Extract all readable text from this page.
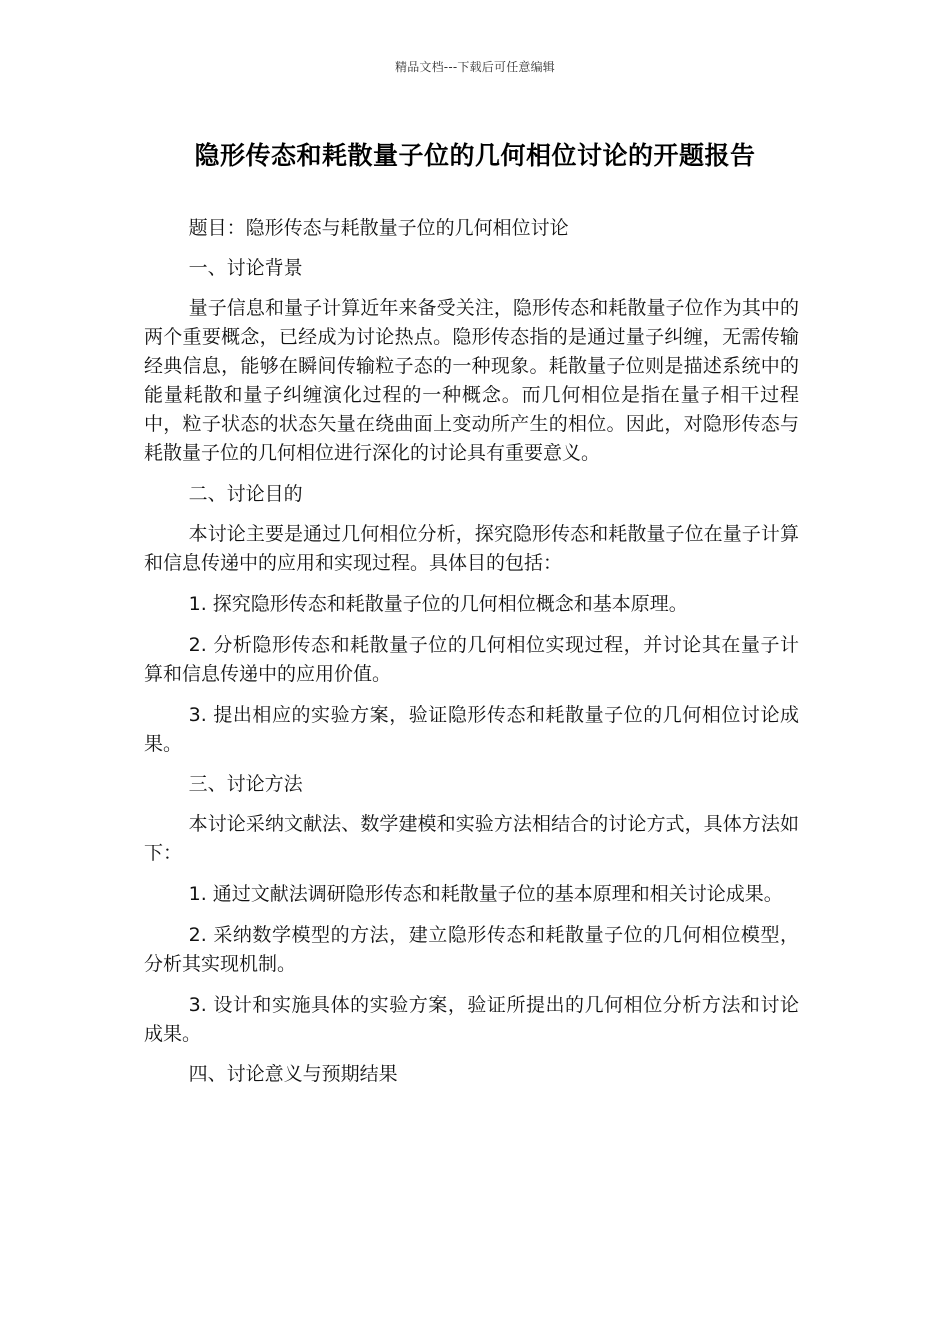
精品文档---下载后可任意编辑
隐形传态和耗散量子位的几何相位讨论的开题报告

题目：隐形传态与耗散量子位的几何相位讨论

一、讨论背景

量子信息和量子计算近年来备受关注，隐形传态和耗散量子位作为其中的两个重要概念，已经成为讨论热点。隐形传态指的是通过量子纠缠，无需传输经典信息，能够在瞬间传输粒子态的一种现象。耗散量子位则是描述系统中的能量耗散和量子纠缠演化过程的一种概念。而几何相位是指在量子相干过程中，粒子状态的状态矢量在绕曲面上变动所产生的相位。因此，对隐形传态与耗散量子位的几何相位进行深化的讨论具有重要意义。

二、讨论目的

本讨论主要是通过几何相位分析，探究隐形传态和耗散量子位在量子计算和信息传递中的应用和实现过程。具体目的包括：

1. 探究隐形传态和耗散量子位的几何相位概念和基本原理。

2. 分析隐形传态和耗散量子位的几何相位实现过程，并讨论其在量子计算和信息传递中的应用价值。

3. 提出相应的实验方案，验证隐形传态和耗散量子位的几何相位讨论成果。

三、讨论方法

本讨论采纳文献法、数学建模和实验方法相结合的讨论方式，具体方法如下：

1. 通过文献法调研隐形传态和耗散量子位的基本原理和相关讨论成果。

2. 采纳数学模型的方法，建立隐形传态和耗散量子位的几何相位模型，分析其实现机制。

3. 设计和实施具体的实验方案，验证所提出的几何相位分析方法和讨论成果。

四、讨论意义与预期结果
